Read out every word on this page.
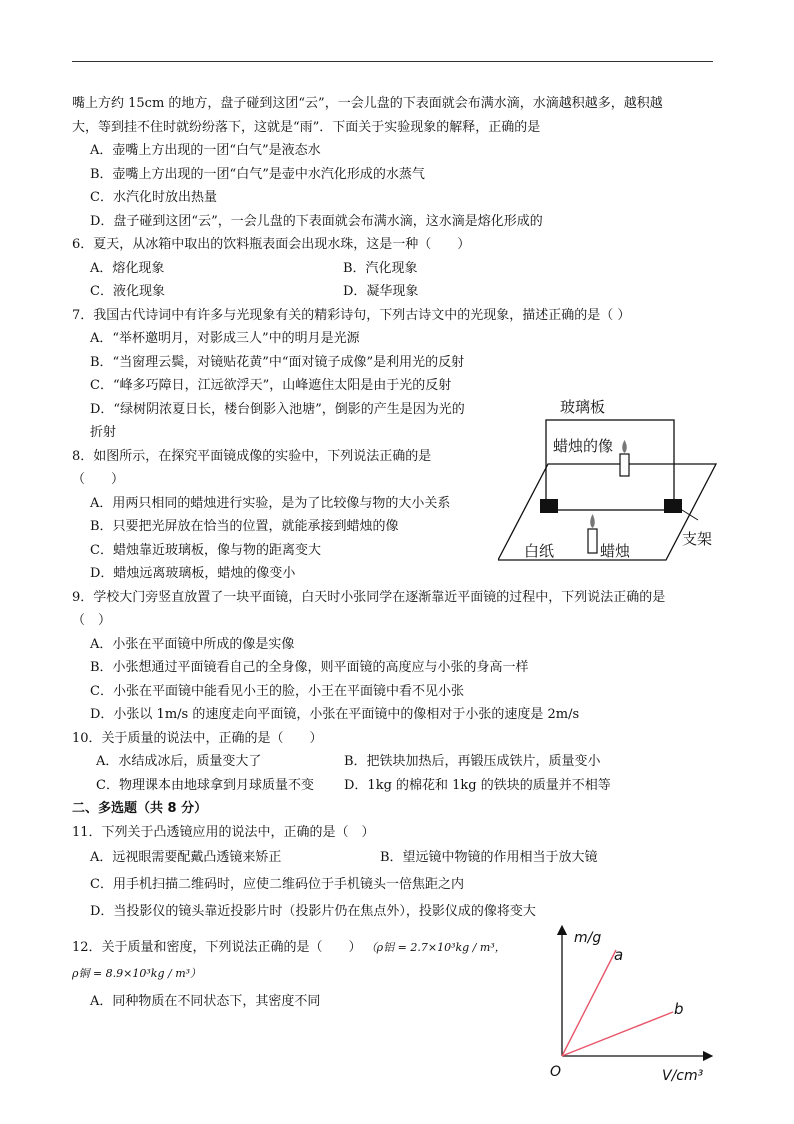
嘴上方约 15cm 的地方，盘子碰到这团“云”，一会儿盘的下表面就会布满水滴，水滴越积越多，越积越
大，等到挂不住时就纷纷落下，这就是“雨”．下面关于实验现象的解释，正确的是
A．壶嘴上方出现的一团“白气”是液态水
B．壶嘴上方出现的一团“白气”是壶中水汽化形成的水蒸气
C．水汽化时放出热量
D．盘子碰到这团“云”，一会儿盘的下表面就会布满水滴，这水滴是熔化形成的
6．夏天，从冰箱中取出的饮料瓶表面会出现水珠，这是一种（　　）
A．熔化现象	B．汽化现象
C．液化现象	D．凝华现象
7．我国古代诗词中有许多与光现象有关的精彩诗句，下列古诗文中的光现象，描述正确的是（ ）
A．“举杯邀明月，对影成三人”中的明月是光源
B．“当窗理云鬓，对镜贴花黄”中“面对镜子成像”是利用光的反射
C．“峰多巧障日，江远欲浮天”，山峰遮住太阳是由于光的反射
D．“绿树阴浓夏日长，楼台倒影入池塘”，倒影的产生是因为光的
折射
8．如图所示，在探究平面镜成像的实验中，下列说法正确的是
（　　）
A．用两只相同的蜡烛进行实验，是为了比较像与物的大小关系
B．只要把光屏放在恰当的位置，就能承接到蜡烛的像
C．蜡烛靠近玻璃板，像与物的距离变大
D．蜡烛远离玻璃板，蜡烛的像变小
9．学校大门旁竖直放置了一块平面镜，白天时小张同学在逐渐靠近平面镜的过程中，下列说法正确的是
（　）
A．小张在平面镜中所成的像是实像
B．小张想通过平面镜看自己的全身像，则平面镜的高度应与小张的身高一样
C．小张在平面镜中能看见小王的脸，小王在平面镜中看不见小张
D．小张以 1m/s 的速度走向平面镜，小张在平面镜中的像相对于小张的速度是 2m/s
10．关于质量的说法中，正确的是（　　）
A．水结成冰后，质量变大了	B．把铁块加热后，再锻压成铁片，质量变小
C．物理课本由地球拿到月球质量不变	D．1kg 的棉花和 1kg 的铁块的质量并不相等
二、多选题（共 8 分）
11．下列关于凸透镜应用的说法中，正确的是（　）
A．远视眼需要配戴凸透镜来矫正	B．望远镜中物镜的作用相当于放大镜
C．用手机扫描二维码时，应使二维码位于手机镜头一倍焦距之内
D．当投影仪的镜头靠近投影片时（投影片仍在焦点外），投影仪成的像将变大
12．关于质量和密度，下列说法正确的是（　　） （ρ铝 = 2.7×10³kg / m³，
ρ铜 = 8.9×10³kg / m³）
A．同种物质在不同状态下，其密度不同
玻璃板
蜡烛的像
白纸	蜡烛
支架
m/g
V/cm³
O
a
b
